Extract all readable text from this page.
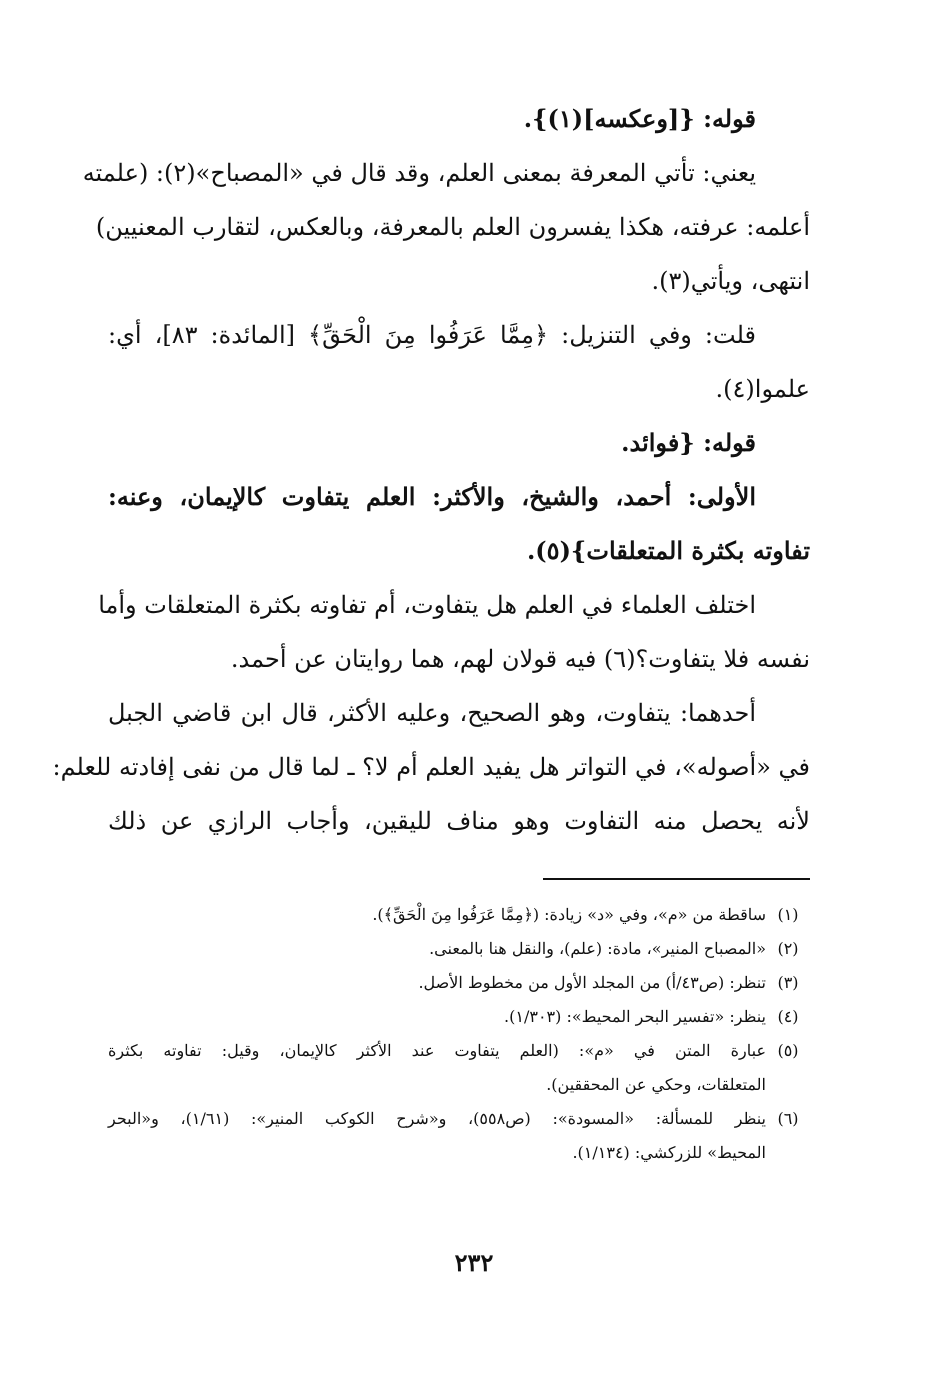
قوله: {[وعكسه](١)}.
يعني: تأتي المعرفة بمعنى العلم، وقد قال في «المصباح»(٢): (علمته
أعلمه: عرفته، هكذا يفسرون العلم بالمعرفة، وبالعكس، لتقارب المعنيين)
انتهى، ويأتي(٣).
قلت: وفي التنزيل: ﴿مِمَّا عَرَفُوا مِنَ الْحَقِّ﴾ [المائدة: ٨٣]، أي:
علموا(٤).
قوله: {فوائد.
الأولى: أحمد، والشيخ، والأكثر: العلم يتفاوت كالإيمان، وعنه:
تفاوته بكثرة المتعلقات}(٥).
اختلف العلماء في العلم هل يتفاوت، أم تفاوته بكثرة المتعلقات وأما
نفسه فلا يتفاوت؟(٦) فيه قولان لهم، هما روايتان عن أحمد.
أحدهما: يتفاوت، وهو الصحيح، وعليه الأكثر، قال ابن قاضي الجبل
في «أصوله»، في التواتر هل يفيد العلم أم لا؟ ـ لما قال من نفى إفادته للعلم:
لأنه يحصل منه التفاوت وهو مناف لليقين، وأجاب الرازي عن ذلك
(١)
ساقطة من «م»، وفي «د» زيادة: (﴿مِمَّا عَرَفُوا مِنَ الْحَقِّ﴾).
(٢)
«المصباح المنير»، مادة: (علم)، والنقل هنا بالمعنى.
(٣)
تنظر: (ص٤٣/أ) من المجلد الأول من مخطوط الأصل.
(٤)
ينظر: «تفسير البحر المحيط»: (١/٣٠٣).
(٥)
عبارة المتن في «م»: (العلم يتفاوت عند الأكثر كالإيمان، وقيل: تفاوته بكثرة
المتعلقات، وحكي عن المحققين).
(٦)
ينظر للمسألة: «المسودة»: (ص٥٥٨)، و«شرح الكوكب المنير»: (١/٦١)، و«البحر
المحيط» للزركشي: (١/١٣٤).
٢٣٢
